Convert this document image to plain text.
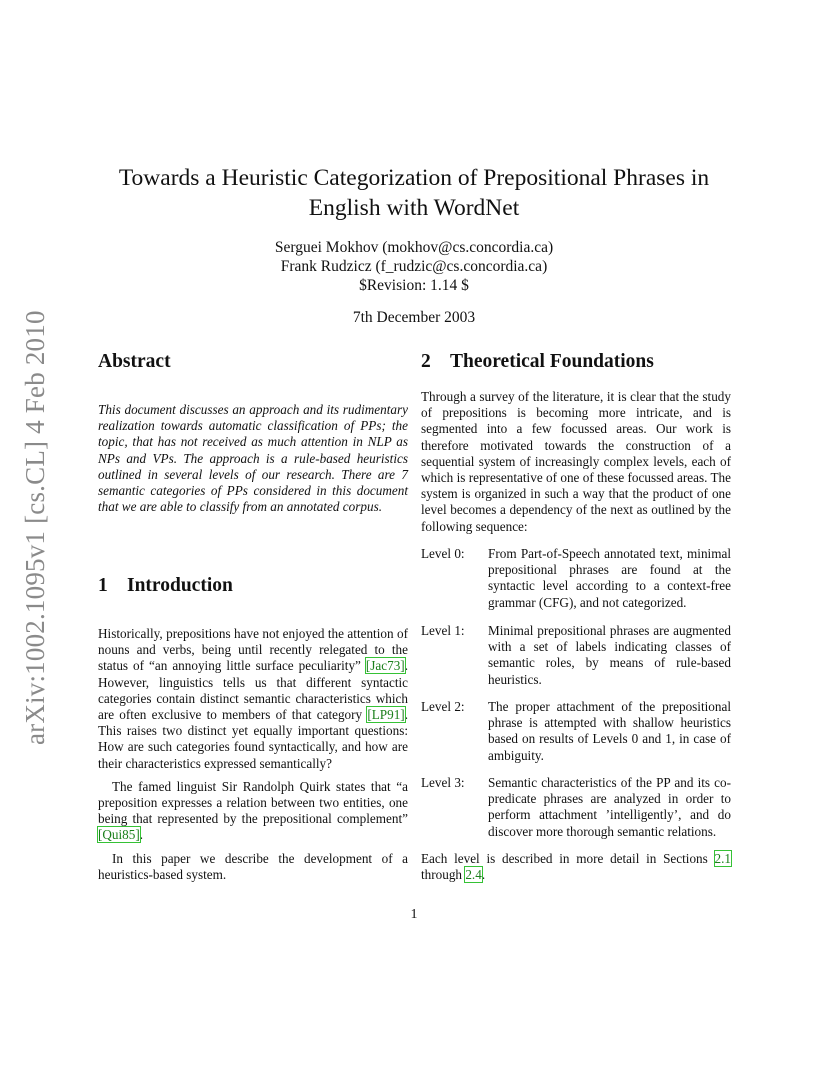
arXiv:1002.1095v1 [cs.CL] 4 Feb 2010
Towards a Heuristic Categorization of Prepositional Phrases in
English with WordNet
Serguei Mokhov (mokhov@cs.concordia.ca)
Frank Rudzicz (f_rudzic@cs.concordia.ca)
$Revision: 1.14 $
7th December 2003
Abstract

This document discusses an approach and its rudimentary realization towards automatic classification of PPs; the topic, that has not received as much attention in NLP as NPs and VPs. The approach is a rule-based heuristics outlined in several levels of our research. There are 7 semantic categories of PPs considered in this document that we are able to classify from an annotated corpus.

1 Introduction

Historically, prepositions have not enjoyed the attention of nouns and verbs, being until recently relegated to the status of “an annoying little surface peculiarity” [Jac73]. However, linguistics tells us that different syntactic categories contain distinct semantic characteristics which are often exclusive to members of that category [LP91]. This raises two distinct yet equally important questions: How are such categories found syntactically, and how are their characteristics expressed semantically?

The famed linguist Sir Randolph Quirk states that “a preposition expresses a relation between two entities, one being that represented by the prepositional complement” [Qui85].

In this paper we describe the development of a heuristics-based system.

2 Theoretical Foundations

Through a survey of the literature, it is clear that the study of prepositions is becoming more intricate, and is segmented into a few focussed areas. Our work is therefore motivated towards the construction of a sequential system of increasingly complex levels, each of which is representative of one of these focussed areas. The system is organized in such a way that the product of one level becomes a dependency of the next as outlined by the following sequence:

Level 0:	From Part-of-Speech annotated text, minimal prepositional phrases are found at the syntactic level according to a context-free grammar (CFG), and not categorized.
Level 1:	Minimal prepositional phrases are augmented with a set of labels indicating classes of semantic roles, by means of rule-based heuristics.
Level 2:	The proper attachment of the prepositional phrase is attempted with shallow heuristics based on results of Levels 0 and 1, in case of ambiguity.
Level 3:	Semantic characteristics of the PP and its co-predicate phrases are analyzed in order to perform attachment ’intelligently’, and do discover more thorough semantic relations.

Each level is described in more detail in Sections 2.1 through 2.4.

1
